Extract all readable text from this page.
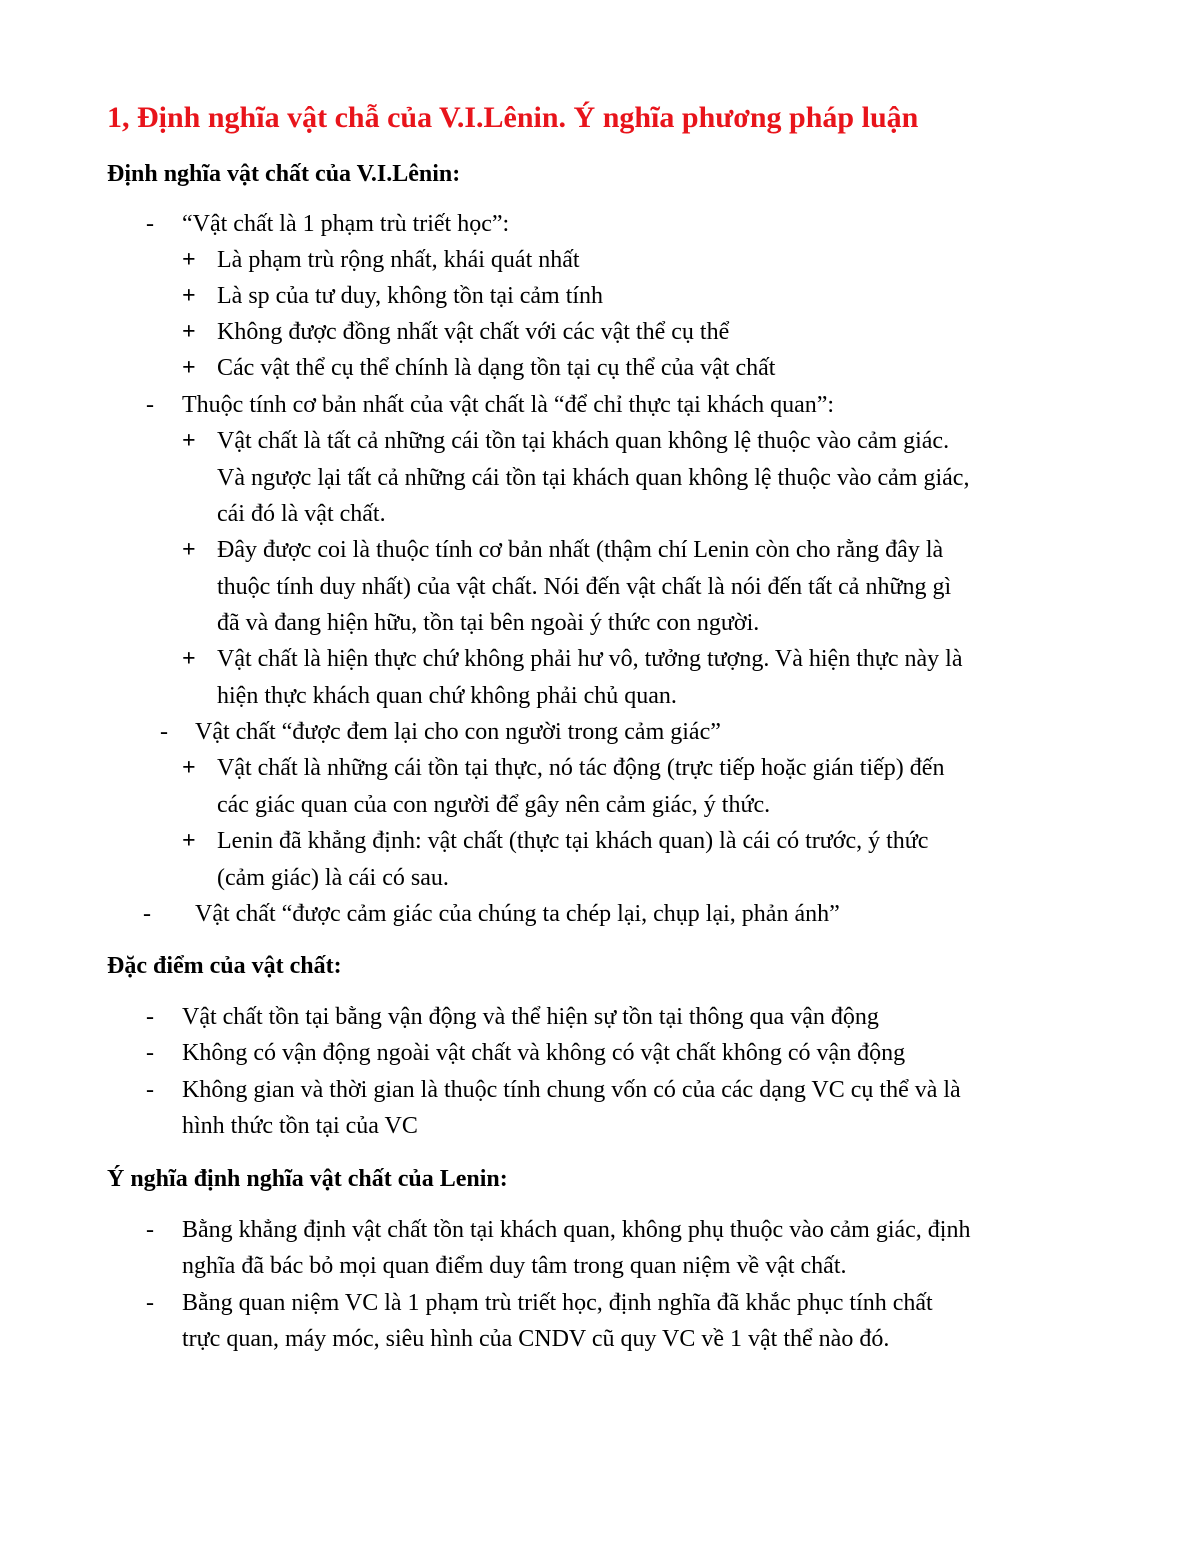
1, Định nghĩa vật chẫ của V.I.Lênin. Ý nghĩa phương pháp luận
Định nghĩa vật chất của V.I.Lênin:
- “Vật chất là 1 phạm trù triết học”:
+ Là phạm trù rộng nhất, khái quát nhất
+ Là sp của tư duy, không tồn tại cảm tính
+ Không được đồng nhất vật chất với các vật thể cụ thể
+ Các vật thể cụ thể chính là dạng tồn tại cụ thể của vật chất
- Thuộc tính cơ bản nhất của vật chất là “để chỉ thực tại khách quan”:
+ Vật chất là tất cả những cái tồn tại khách quan không lệ thuộc vào cảm giác.
Và ngược lại tất cả những cái tồn tại khách quan không lệ thuộc vào cảm giác,
cái đó là vật chất.
+ Đây được coi là thuộc tính cơ bản nhất (thậm chí Lenin còn cho rằng đây là
thuộc tính duy nhất) của vật chất. Nói đến vật chất là nói đến tất cả những gì
đã và đang hiện hữu, tồn tại bên ngoài ý thức con người.
+ Vật chất là hiện thực chứ không phải hư vô, tưởng tượng. Và hiện thực này là
hiện thực khách quan chứ không phải chủ quan.
- Vật chất “được đem lại cho con người trong cảm giác”
+ Vật chất là những cái tồn tại thực, nó tác động (trực tiếp hoặc gián tiếp) đến
các giác quan của con người để gây nên cảm giác, ý thức.
+ Lenin đã khẳng định: vật chất (thực tại khách quan) là cái có trước, ý thức
(cảm giác) là cái có sau.
- Vật chất “được cảm giác của chúng ta chép lại, chụp lại, phản ánh”
Đặc điểm của vật chất:
- Vật chất tồn tại bằng vận động và thể hiện sự tồn tại thông qua vận động
- Không có vận động ngoài vật chất và không có vật chất không có vận động
- Không gian và thời gian là thuộc tính chung vốn có của các dạng VC cụ thể và là
hình thức tồn tại của VC
Ý nghĩa định nghĩa vật chất của Lenin:
- Bằng khẳng định vật chất tồn tại khách quan, không phụ thuộc vào cảm giác, định
nghĩa đã bác bỏ mọi quan điểm duy tâm trong quan niệm về vật chất.
- Bằng quan niệm VC là 1 phạm trù triết học, định nghĩa đã khắc phục tính chất
trực quan, máy móc, siêu hình của CNDV cũ quy VC về 1 vật thể nào đó.
